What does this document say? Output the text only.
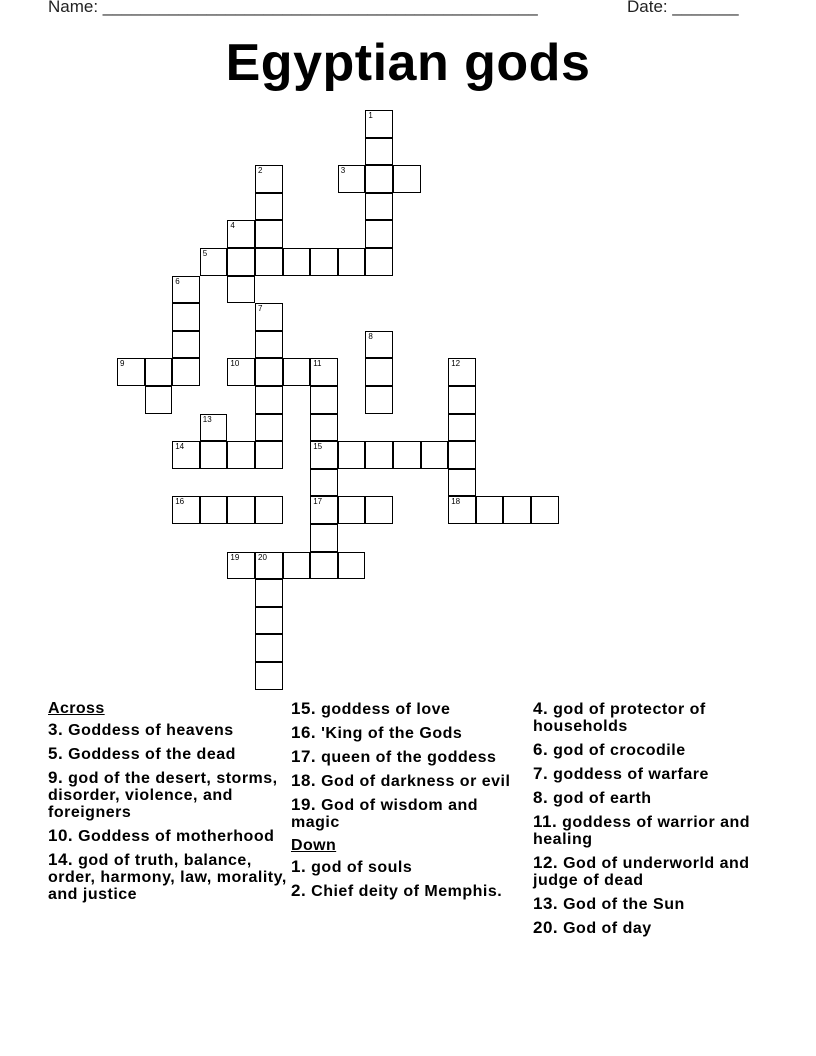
Name: ______________________________________________	Date: _______
Egyptian gods
1
2	3
4
5
6
7
8
9	10	11	12
13
14	15
16	17	18
19 20
Across
3. Goddess of heavens
5. Goddess of the dead
9. god of the desert, storms, disorder, violence, and foreigners
10. Goddess of motherhood
14. god of truth, balance, order, harmony, law, morality, and justice
15. goddess of love
16. 'King of the Gods
17. queen of the goddess
18. God of darkness or evil
19. God of wisdom and magic
Down
1. god of souls
2. Chief deity of Memphis.
4. god of protector of households
6. god of crocodile
7. goddess of warfare
8. god of earth
11. goddess of warrior and healing
12. God of underworld and judge of dead
13. God of the Sun
20. God of day
